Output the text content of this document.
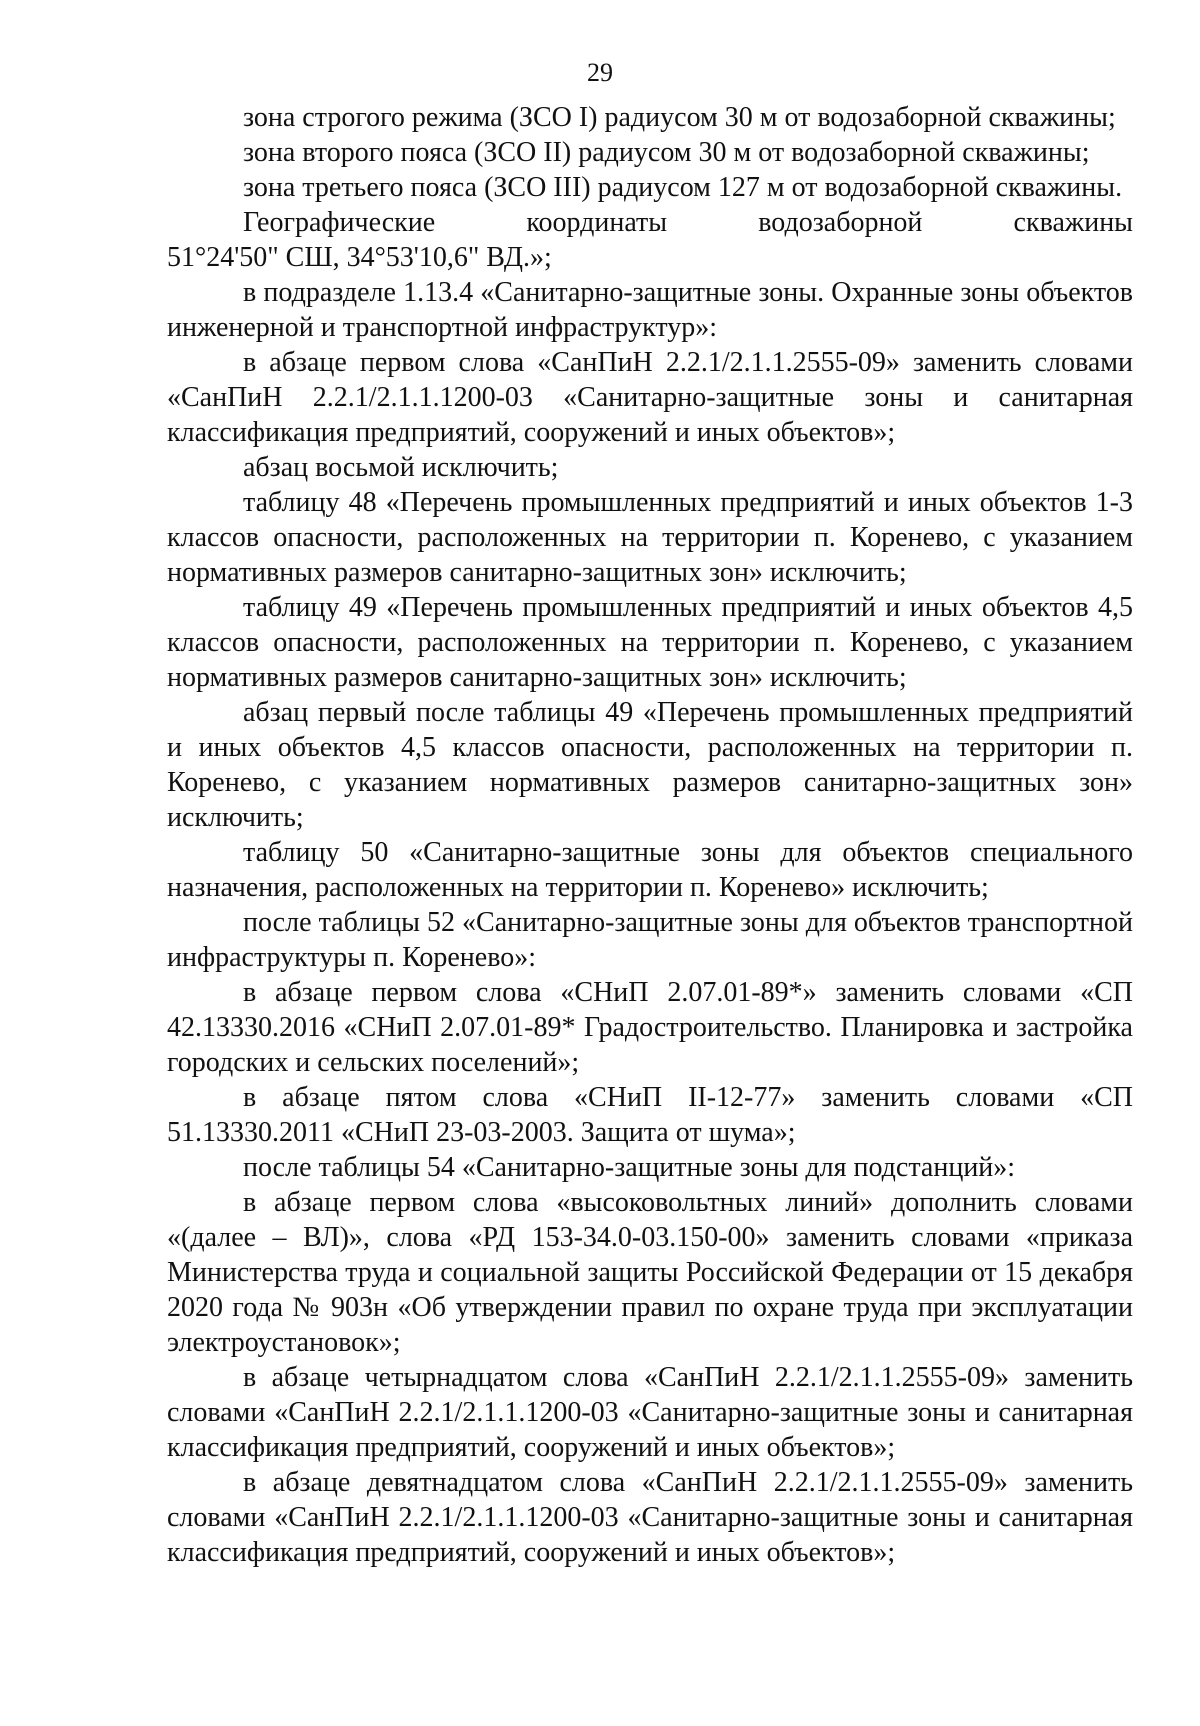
29

зона строгого режима (ЗСО I) радиусом 30 м от водозаборной скважины;

зона второго пояса (ЗСО II) радиусом 30 м от водозаборной скважины;

зона третьего пояса (ЗСО III) радиусом 127 м от водозаборной скважины.

Географические координаты водозаборной скважины
51°24'50" СШ, 34°53'10,6" ВД.»;

в подразделе 1.13.4 «Санитарно-защитные зоны. Охранные зоны объектов инженерной и транспортной инфраструктур»:

в абзаце первом слова «СанПиН 2.2.1/2.1.1.2555-09» заменить словами «СанПиН 2.2.1/2.1.1.1200-03 «Санитарно-защитные зоны и санитарная классификация предприятий, сооружений и иных объектов»;

абзац восьмой исключить;

таблицу 48 «Перечень промышленных предприятий и иных объектов 1-3 классов опасности, расположенных на территории п. Коренево, с указанием нормативных размеров санитарно-защитных зон» исключить;

таблицу 49 «Перечень промышленных предприятий и иных объектов 4,5 классов опасности, расположенных на территории п. Коренево, с указанием нормативных размеров санитарно-защитных зон» исключить;

абзац первый после таблицы 49 «Перечень промышленных предприятий и иных объектов 4,5 классов опасности, расположенных на территории п. Коренево, с указанием нормативных размеров санитарно-защитных зон» исключить;

таблицу 50 «Санитарно-защитные зоны для объектов специального назначения, расположенных на территории п. Коренево» исключить;

после таблицы 52 «Санитарно-защитные зоны для объектов транспортной инфраструктуры п. Коренево»:

в абзаце первом слова «СНиП 2.07.01-89*» заменить словами «СП 42.13330.2016 «СНиП 2.07.01-89* Градостроительство. Планировка и застройка городских и сельских поселений»;

в абзаце пятом слова «СНиП II-12-77» заменить словами «СП 51.13330.2011 «СНиП 23-03-2003. Защита от шума»;

после таблицы 54 «Санитарно-защитные зоны для подстанций»:

в абзаце первом слова «высоковольтных линий» дополнить словами «(далее – ВЛ)», слова «РД 153-34.0-03.150-00» заменить словами «приказа Министерства труда и социальной защиты Российской Федерации от 15 декабря 2020 года № 903н «Об утверждении правил по охране труда при эксплуатации электроустановок»;

в абзаце четырнадцатом слова «СанПиН 2.2.1/2.1.1.2555-09» заменить словами «СанПиН 2.2.1/2.1.1.1200-03 «Санитарно-защитные зоны и санитарная классификация предприятий, сооружений и иных объектов»;

в абзаце девятнадцатом слова «СанПиН 2.2.1/2.1.1.2555-09» заменить словами «СанПиН 2.2.1/2.1.1.1200-03 «Санитарно-защитные зоны и санитарная классификация предприятий, сооружений и иных объектов»;
